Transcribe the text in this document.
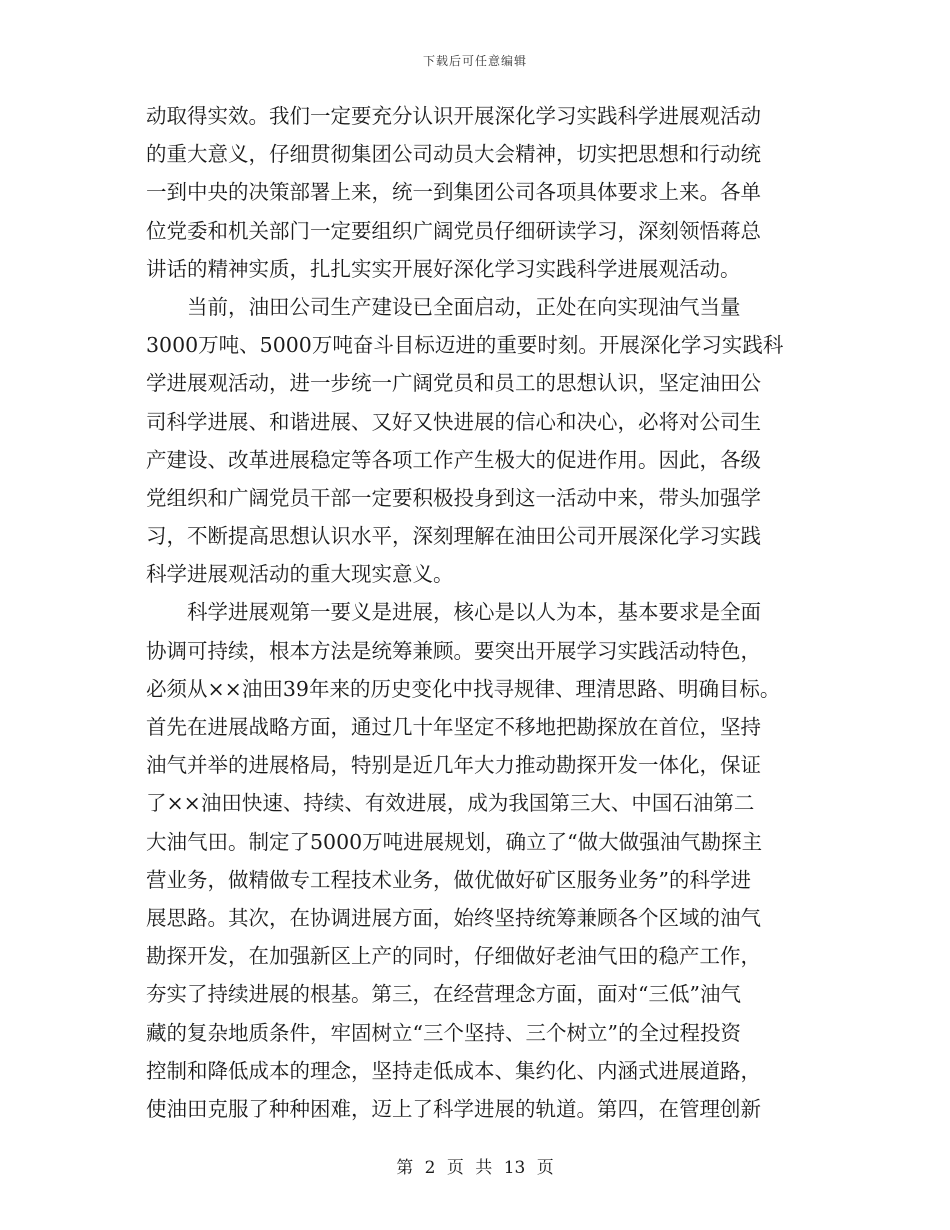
下载后可任意编辑
动取得实效。我们一定要充分认识开展深化学习实践科学进展观活动
的重大意义，仔细贯彻集团公司动员大会精神，切实把思想和行动统
一到中央的决策部署上来，统一到集团公司各项具体要求上来。各单
位党委和机关部门一定要组织广阔党员仔细研读学习，深刻领悟蒋总
讲话的精神实质，扎扎实实开展好深化学习实践科学进展观活动。
当前，油田公司生产建设已全面启动，正处在向实现油气当量
3000万吨、5000万吨奋斗目标迈进的重要时刻。开展深化学习实践科
学进展观活动，进一步统一广阔党员和员工的思想认识，坚定油田公
司科学进展、和谐进展、又好又快进展的信心和决心，必将对公司生
产建设、改革进展稳定等各项工作产生极大的促进作用。因此，各级
党组织和广阔党员干部一定要积极投身到这一活动中来，带头加强学
习，不断提高思想认识水平，深刻理解在油田公司开展深化学习实践
科学进展观活动的重大现实意义。
科学进展观第一要义是进展，核心是以人为本，基本要求是全面
协调可持续，根本方法是统筹兼顾。要突出开展学习实践活动特色，
必须从××油田39年来的历史变化中找寻规律、理清思路、明确目标。
首先在进展战略方面，通过几十年坚定不移地把勘探放在首位，坚持
油气并举的进展格局，特别是近几年大力推动勘探开发一体化，保证
了××油田快速、持续、有效进展，成为我国第三大、中国石油第二
大油气田。制定了5000万吨进展规划，确立了“做大做强油气勘探主
营业务，做精做专工程技术业务，做优做好矿区服务业务”的科学进
展思路。其次，在协调进展方面，始终坚持统筹兼顾各个区域的油气
勘探开发，在加强新区上产的同时，仔细做好老油气田的稳产工作，
夯实了持续进展的根基。第三，在经营理念方面，面对“三低”油气
藏的复杂地质条件，牢固树立“三个坚持、三个树立”的全过程投资
控制和降低成本的理念，坚持走低成本、集约化、内涵式进展道路，
使油田克服了种种困难，迈上了科学进展的轨道。第四，在管理创新
第 2 页 共 13 页
